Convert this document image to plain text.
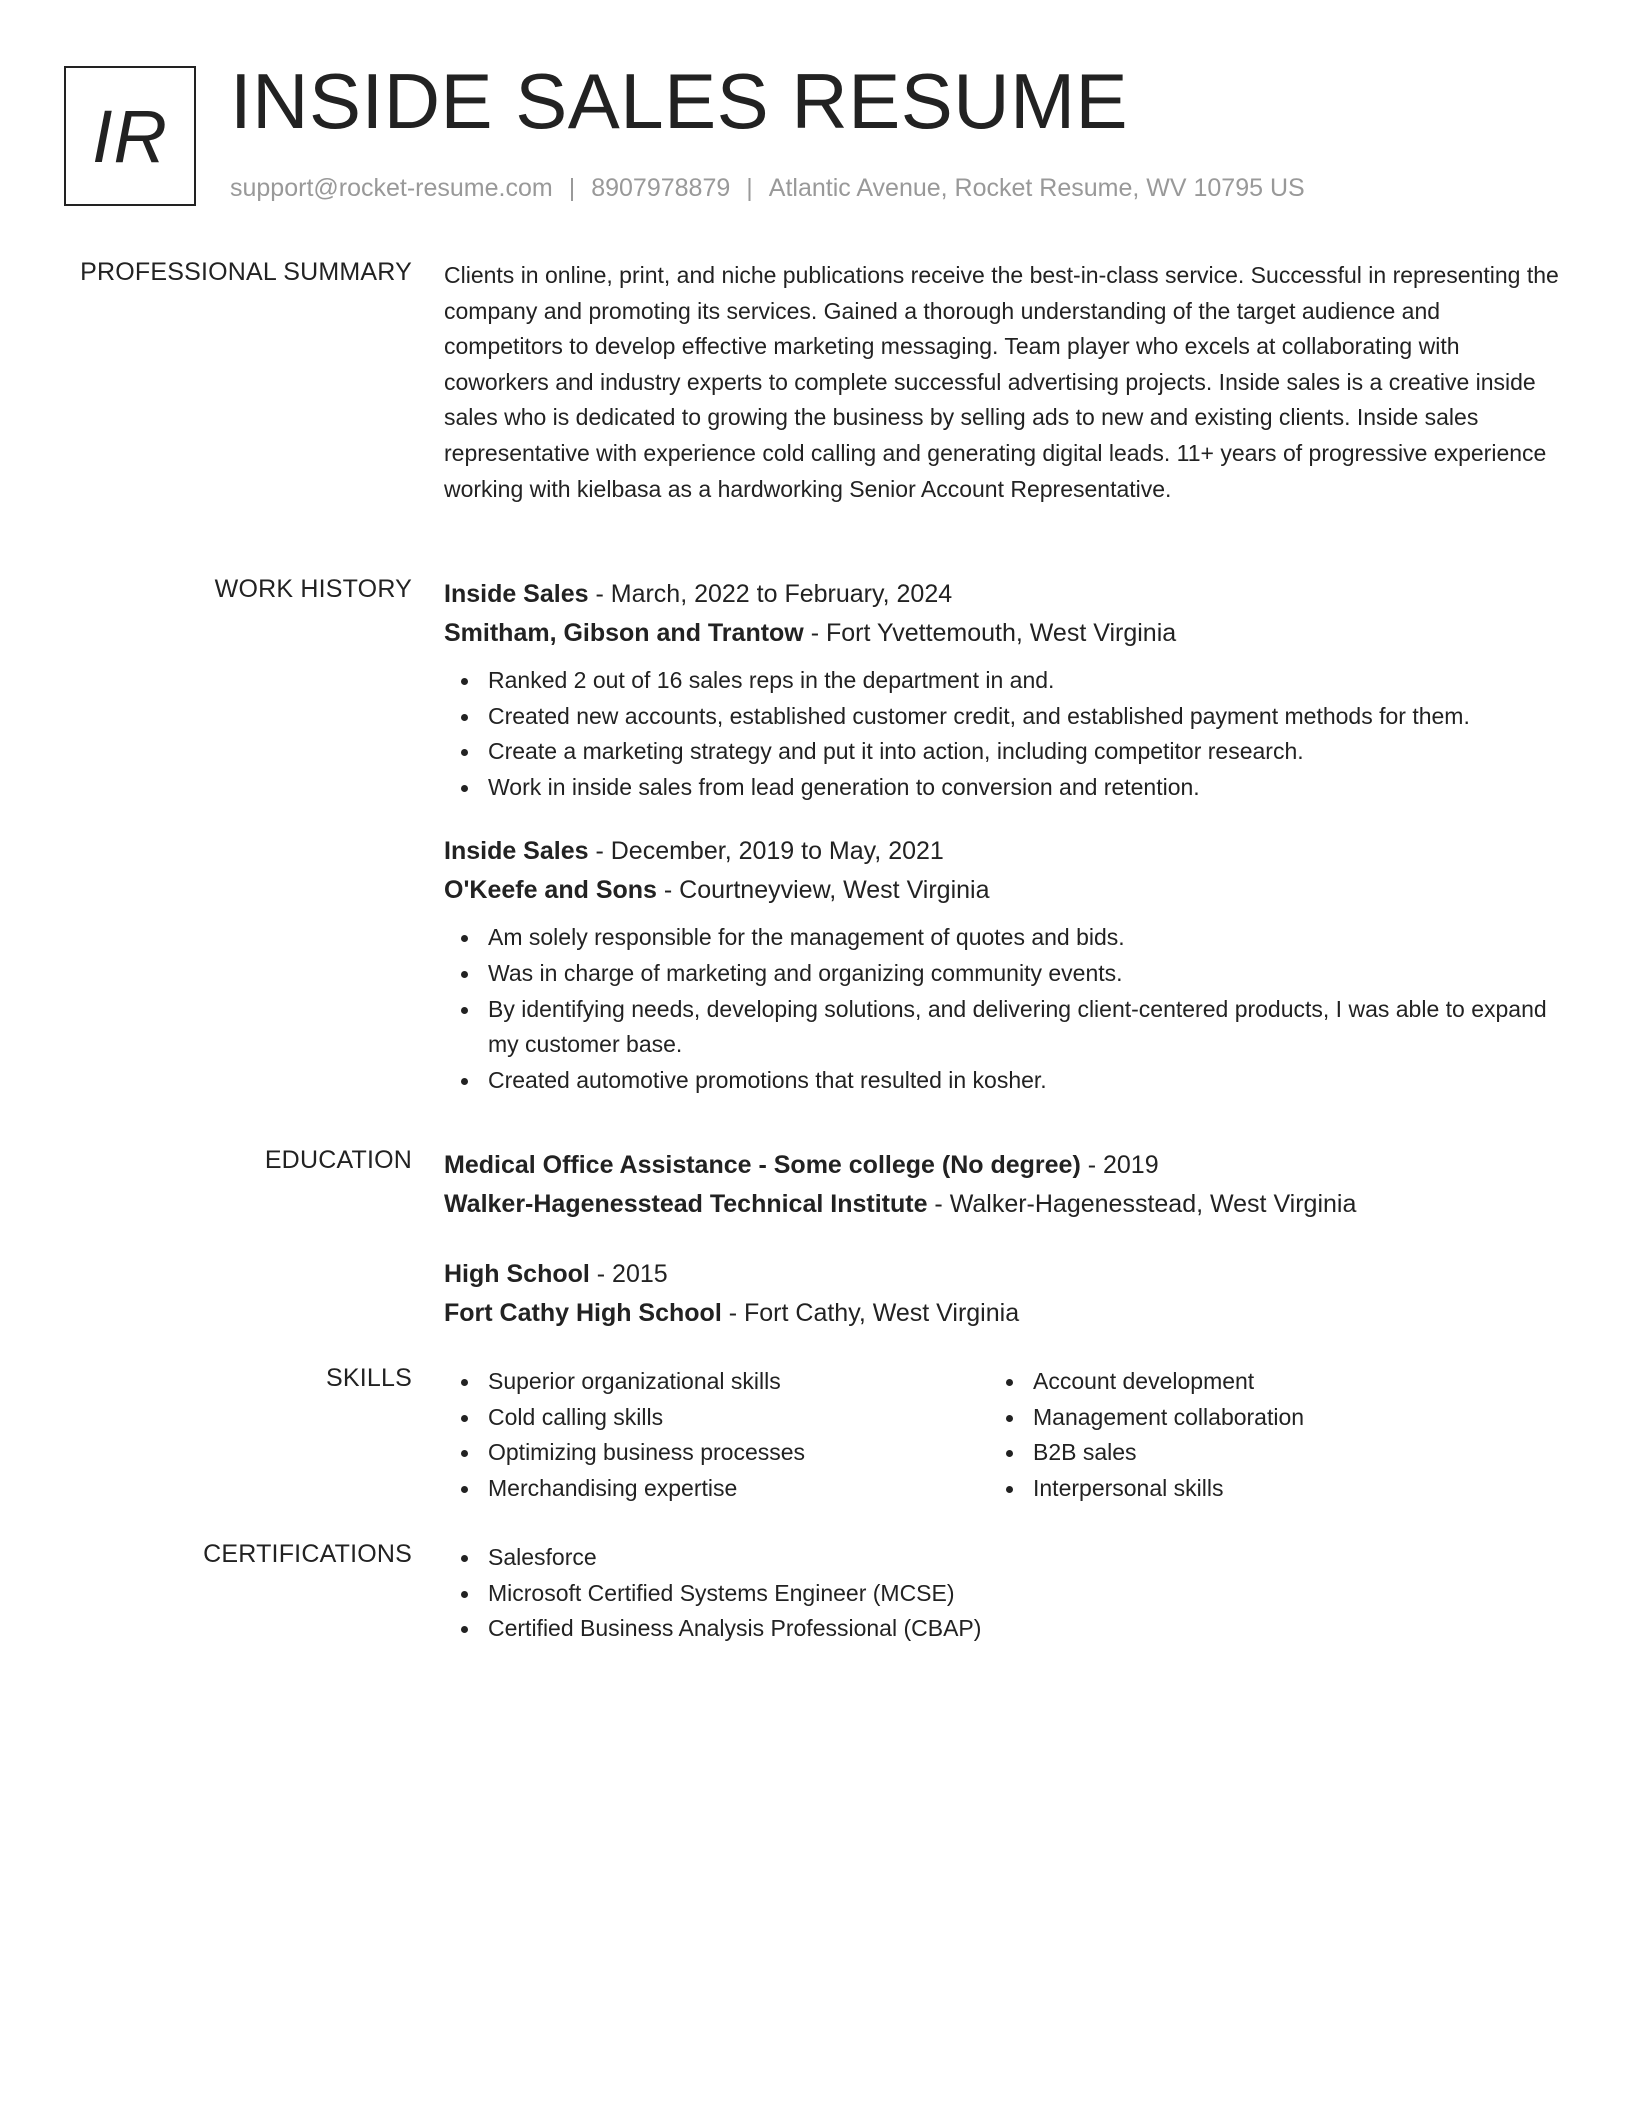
IR INSIDE SALES RESUME
support@rocket-resume.com | 8907978879 | Atlantic Avenue, Rocket Resume, WV 10795 US
PROFESSIONAL SUMMARY Clients in online, print, and niche publications receive the best-in-class service. Successful in representing the company and promoting its services. Gained a thorough understanding of the target audience and competitors to develop effective marketing messaging. Team player who excels at collaborating with coworkers and industry experts to complete successful advertising projects. Inside sales is a creative inside sales who is dedicated to growing the business by selling ads to new and existing clients. Inside sales representative with experience cold calling and generating digital leads. 11+ years of progressive experience working with kielbasa as a hardworking Senior Account Representative.

WORK HISTORY Inside Sales - March, 2022 to February, 2024
Smitham, Gibson and Trantow - Fort Yvettemouth, West Virginia
Ranked 2 out of 16 sales reps in the department in and.
Created new accounts, established customer credit, and established payment methods for them.
Create a marketing strategy and put it into action, including competitor research.
Work in inside sales from lead generation to conversion and retention.
Inside Sales - December, 2019 to May, 2021
O'Keefe and Sons - Courtneyview, West Virginia
Am solely responsible for the management of quotes and bids.
Was in charge of marketing and organizing community events.
By identifying needs, developing solutions, and delivering client-centered products, I was able to expand my customer base.
Created automotive promotions that resulted in kosher.
EDUCATION Medical Office Assistance - Some college (No degree) - 2019
Walker-Hagenesstead Technical Institute - Walker-Hagenesstead, West Virginia
High School - 2015
Fort Cathy High School - Fort Cathy, West Virginia
SKILLS	Superior organizational skills
Cold calling skills
Optimizing business processes
Merchandising expertise
Account development
Management collaboration
B2B sales
Interpersonal skills
CERTIFICATIONS	Salesforce
Microsoft Certified Systems Engineer (MCSE)
Certified Business Analysis Professional (CBAP)
